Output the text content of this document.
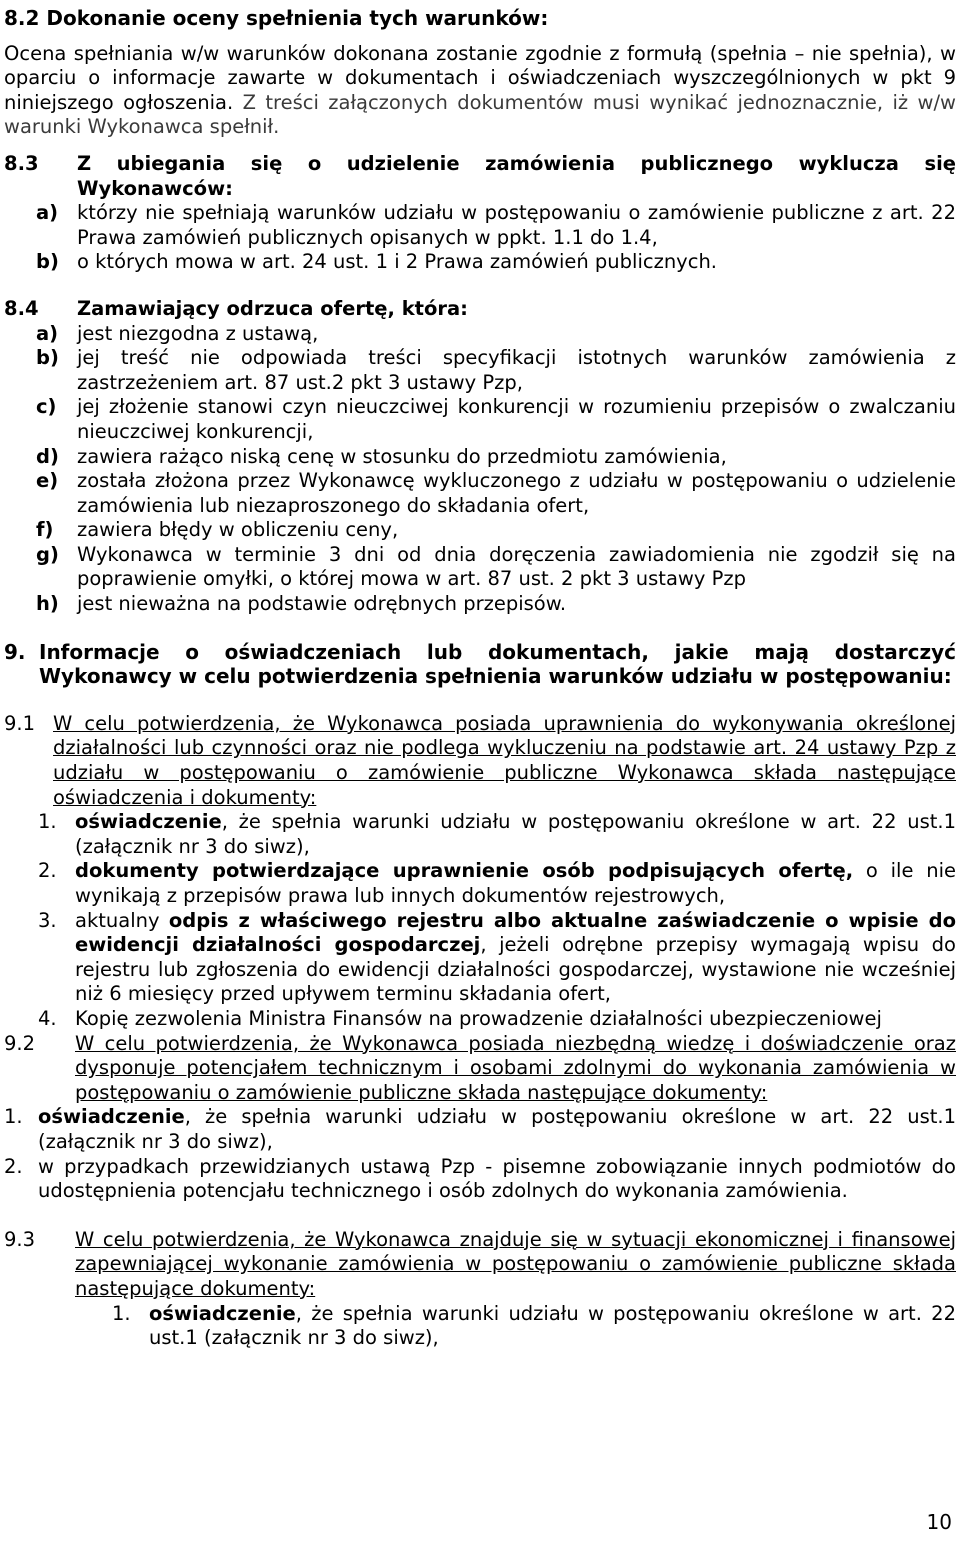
8.2 Dokonanie oceny spełnienia tych warunków:
Ocena spełniania w/w warunków dokonana zostanie zgodnie z formułą (spełnia – nie spełnia), w oparciu o informacje zawarte w dokumentach i oświadczeniach wyszczególnionych w pkt 9 niniejszego ogłoszenia. Z treści załączonych dokumentów musi wynikać jednoznacznie, iż w/w warunki Wykonawca spełnił.
8.3 Z ubiegania się o udzielenie zamówienia publicznego wyklucza się Wykonawców:
a) którzy nie spełniają warunków udziału w postępowaniu o zamówienie publiczne z art. 22 Prawa zamówień publicznych opisanych w ppkt. 1.1 do 1.4,
b) o których mowa w art. 24 ust. 1 i 2 Prawa zamówień publicznych.
8.4 Zamawiający odrzuca ofertę, która:
a) jest niezgodna z ustawą,
b) jej treść nie odpowiada treści specyfikacji istotnych warunków zamówienia z zastrzeżeniem art. 87 ust.2 pkt 3 ustawy Pzp,
c) jej złożenie stanowi czyn nieuczciwej konkurencji w rozumieniu przepisów o zwalczaniu nieuczciwej konkurencji,
d) zawiera rażąco niską cenę w stosunku do przedmiotu zamówienia,
e) została złożona przez Wykonawcę wykluczonego z udziału w postępowaniu o udzielenie zamówienia lub niezaproszonego do składania ofert,
f) zawiera błędy w obliczeniu ceny,
g) Wykonawca w terminie 3 dni od dnia doręczenia zawiadomienia nie zgodził się na poprawienie omyłki, o której mowa w art. 87 ust. 2 pkt 3 ustawy Pzp
h) jest nieważna na podstawie odrębnych przepisów.
9. Informacje o oświadczeniach lub dokumentach, jakie mają dostarczyć Wykonawcy w celu potwierdzenia spełnienia warunków udziału w postępowaniu:
9.1 W celu potwierdzenia, że Wykonawca posiada uprawnienia do wykonywania określonej działalności lub czynności oraz nie podlega wykluczeniu na podstawie art. 24 ustawy Pzp z udziału w postępowaniu o zamówienie publiczne Wykonawca składa następujące oświadczenia i dokumenty:
1. oświadczenie, że spełnia warunki udziału w postępowaniu określone w art. 22 ust.1 (załącznik nr 3 do siwz),
2. dokumenty potwierdzające uprawnienie osób podpisujących ofertę, o ile nie wynikają z przepisów prawa lub innych dokumentów rejestrowych,
3. aktualny odpis z właściwego rejestru albo aktualne zaświadczenie o wpisie do ewidencji działalności gospodarczej, jeżeli odrębne przepisy wymagają wpisu do rejestru lub zgłoszenia do ewidencji działalności gospodarczej, wystawione nie wcześniej niż 6 miesięcy przed upływem terminu składania ofert,
4. Kopię zezwolenia Ministra Finansów na prowadzenie działalności ubezpieczeniowej
9.2 W celu potwierdzenia, że Wykonawca posiada niezbędną wiedzę i doświadczenie oraz dysponuje potencjałem technicznym i osobami zdolnymi do wykonania zamówienia w postępowaniu o zamówienie publiczne składa następujące dokumenty:
1. oświadczenie, że spełnia warunki udziału w postępowaniu określone w art. 22 ust.1 (załącznik nr 3 do siwz),
2. w przypadkach przewidzianych ustawą Pzp - pisemne zobowiązanie innych podmiotów do udostępnienia potencjału technicznego i osób zdolnych do wykonania zamówienia.
9.3 W celu potwierdzenia, że Wykonawca znajduje się w sytuacji ekonomicznej i finansowej zapewniającej wykonanie zamówienia w postępowaniu o zamówienie publiczne składa następujące dokumenty:
1. oświadczenie, że spełnia warunki udziału w postępowaniu określone w art. 22 ust.1 (załącznik nr 3 do siwz),
10
